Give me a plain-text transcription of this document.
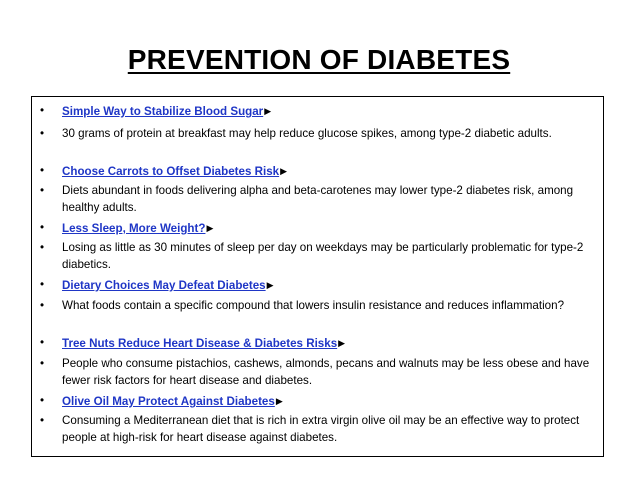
PREVENTION OF DIABETES
• Simple Way to Stabilize Blood Sugar▶
• 30 grams of protein at breakfast may help reduce glucose spikes, among type-2 diabetic adults.
• Choose Carrots to Offset Diabetes Risk▶
• Diets abundant in foods delivering alpha and beta-carotenes may lower type-2 diabetes risk, among healthy adults.
• Less Sleep, More Weight?▶
• Losing as little as 30 minutes of sleep per day on weekdays may be particularly problematic for type-2 diabetics.
• Dietary Choices May Defeat Diabetes▶
• What foods contain a specific compound that lowers insulin resistance and reduces inflammation?
• Tree Nuts Reduce Heart Disease & Diabetes Risks▶
• People who consume pistachios, cashews, almonds, pecans and walnuts may be less obese and have fewer risk factors for heart disease and diabetes.
• Olive Oil May Protect Against Diabetes▶
• Consuming a Mediterranean diet that is rich in extra virgin olive oil may be an effective way to protect people at high-risk for heart disease against diabetes.
